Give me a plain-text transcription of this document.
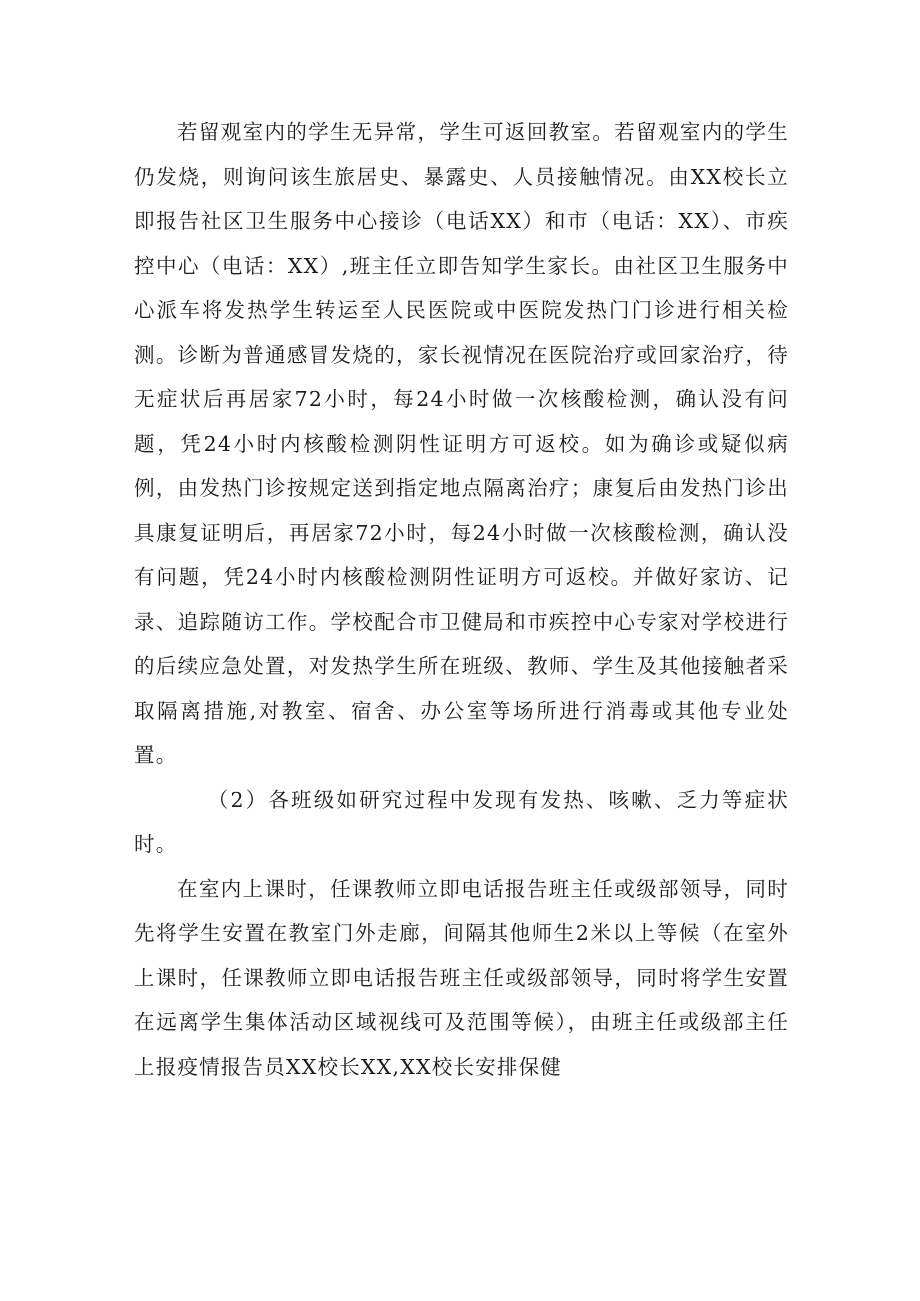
若留观室内的学生无异常，学生可返回教室。若留观室内的学生仍发烧，则询问该生旅居史、暴露史、人员接触情况。由XX校长立即报告社区卫生服务中心接诊（电话XX）和市（电话：XX）、市疾控中心（电话：XX）,班主任立即告知学生家长。由社区卫生服务中心派车将发热学生转运至人民医院或中医院发热门门诊进行相关检测。诊断为普通感冒发烧的，家长视情况在医院治疗或回家治疗，待无症状后再居家72小时，每24小时做一次核酸检测，确认没有问题，凭24小时内核酸检测阴性证明方可返校。如为确诊或疑似病例，由发热门诊按规定送到指定地点隔离治疗；康复后由发热门诊出具康复证明后，再居家72小时，每24小时做一次核酸检测，确认没有问题，凭24小时内核酸检测阴性证明方可返校。并做好家访、记录、追踪随访工作。学校配合市卫健局和市疾控中心专家对学校进行的后续应急处置，对发热学生所在班级、教师、学生及其他接触者采取隔离措施,对教室、宿舍、办公室等场所进行消毒或其他专业处置。

（2）各班级如研究过程中发现有发热、咳嗽、乏力等症状时。

在室内上课时，任课教师立即电话报告班主任或级部领导，同时先将学生安置在教室门外走廊，间隔其他师生2米以上等候（在室外上课时，任课教师立即电话报告班主任或级部领导，同时将学生安置在远离学生集体活动区域视线可及范围等候），由班主任或级部主任上报疫情报告员XX校长XX,XX校长安排保健
